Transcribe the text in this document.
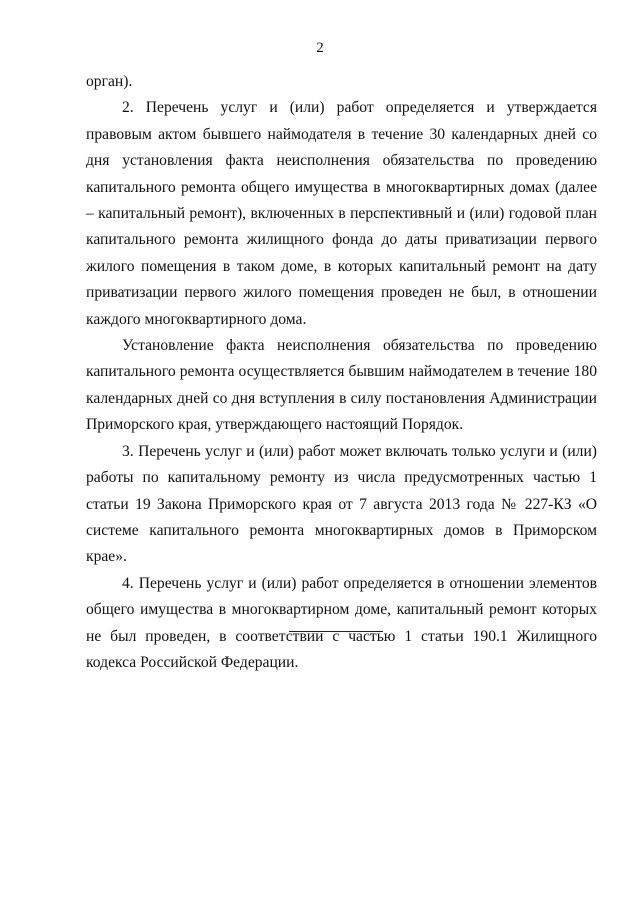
2

орган).

2. Перечень услуг и (или) работ определяется и утверждается правовым актом бывшего наймодателя в течение 30 календарных дней со дня установления факта неисполнения обязательства по проведению капитального ремонта общего имущества в многоквартирных домах (далее – капитальный ремонт), включенных в перспективный и (или) годовой план капитального ремонта жилищного фонда до даты приватизации первого жилого помещения в таком доме, в которых капитальный ремонт на дату приватизации первого жилого помещения проведен не был, в отношении каждого многоквартирного дома.

Установление факта неисполнения обязательства по проведению капитального ремонта осуществляется бывшим наймодателем в течение 180 календарных дней со дня вступления в силу постановления Администрации Приморского края, утверждающего настоящий Порядок.

3. Перечень услуг и (или) работ может включать только услуги и (или) работы по капитальному ремонту из числа предусмотренных частью 1 статьи 19 Закона Приморского края от 7 августа 2013 года № 227-КЗ «О системе капитального ремонта многоквартирных домов в Приморском крае».

4. Перечень услуг и (или) работ определяется в отношении элементов общего имущества в многоквартирном доме, капитальный ремонт которых не был проведен, в соответствии с частью 1 статьи 190.1 Жилищного кодекса Российской Федерации.
